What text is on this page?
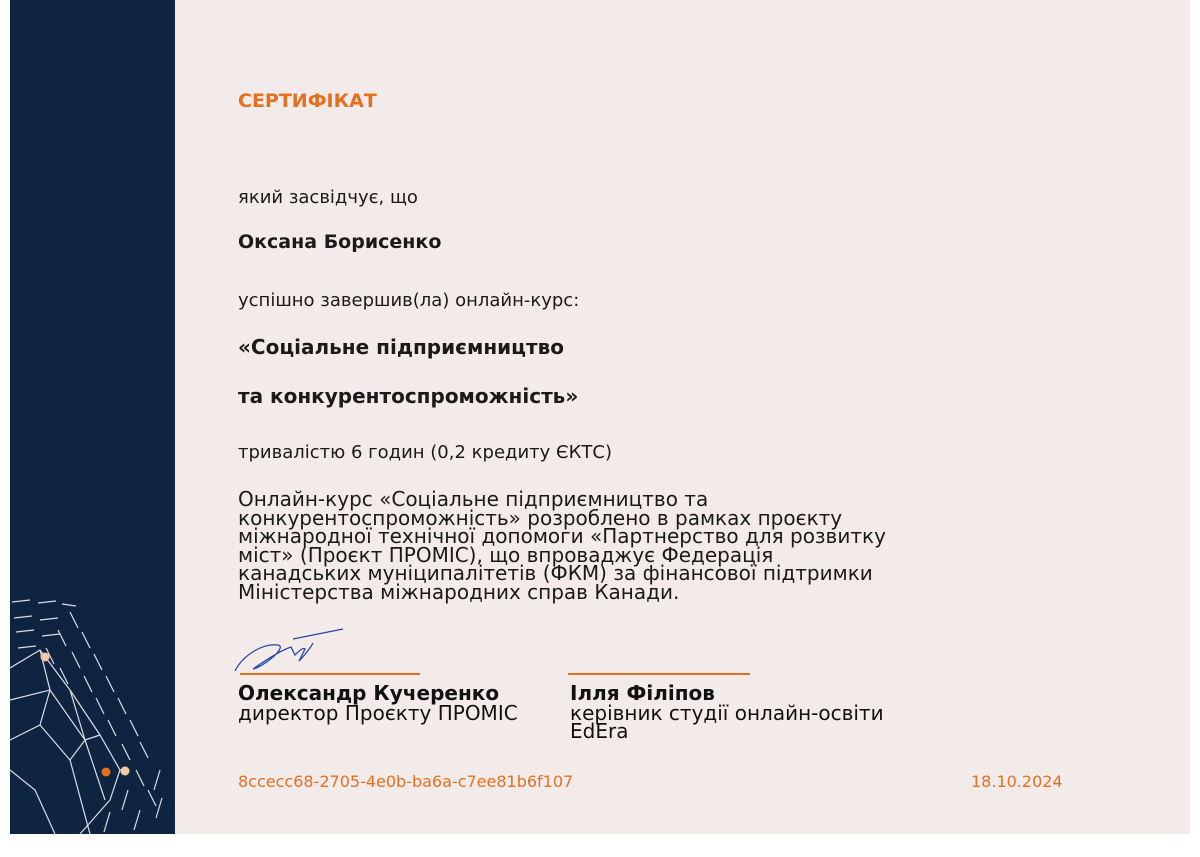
СЕРТИФІКАТ
який засвідчує, що
Оксана Борисенко
успішно завершив(ла) онлайн-курс:
«Соціальне підприємництво
та конкурентоспроможність»
тривалістю 6 годин (0,2 кредиту ЄКТС)
Онлайн-курс «Соціальне підприємництво та
конкурентоспроможність» розроблено в рамках проєкту
міжнародної технічної допомоги «Партнерство для розвитку
міст» (Проєкт ПРОМІС), що впроваджує Федерація
канадських муніципалітетів (ФКМ) за фінансової підтримки
Міністерства міжнародних справ Канади.
Олександр Кучеренко
директор Проєкту ПРОМІС
Ілля Філіпов
керівник студії онлайн-освіти
EdEra
8cceсc68-2705-4e0b-ba6a-c7ee81b6f107	18.10.2024
